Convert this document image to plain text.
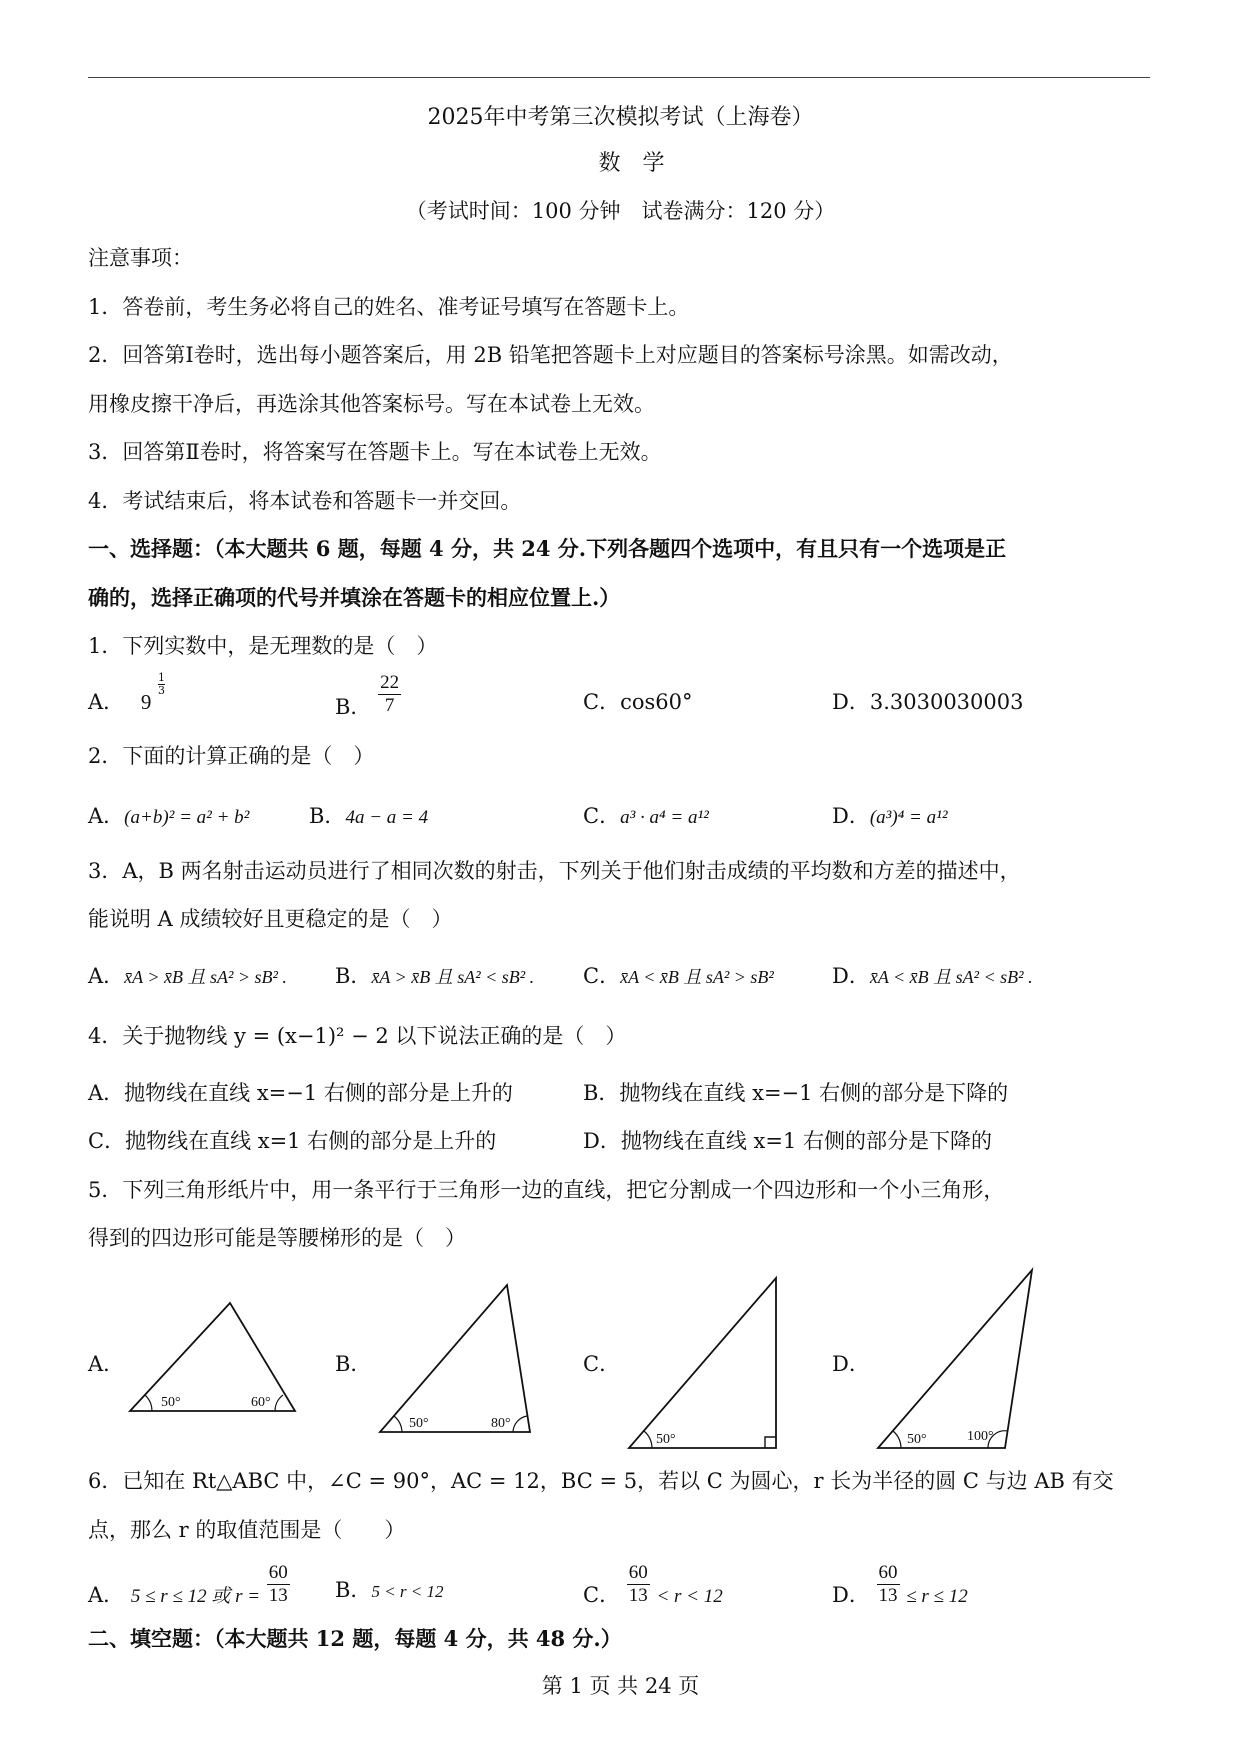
2025年中考第三次模拟考试（上海卷）
数学
（考试时间：100 分钟　试卷满分：120 分）
注意事项：
1．答卷前，考生务必将自己的姓名、准考证号填写在答题卡上。
2．回答第Ⅰ卷时，选出每小题答案后，用 2B 铅笔把答题卡上对应题目的答案标号涂黑。如需改动，
用橡皮擦干净后，再选涂其他答案标号。写在本试卷上无效。
3．回答第Ⅱ卷时，将答案写在答题卡上。写在本试卷上无效。
4．考试结束后，将本试卷和答题卡一并交回。
一、选择题：（本大题共 6 题，每题 4 分，共 24 分.下列各题四个选项中，有且只有一个选项是正
确的，选择正确项的代号并填涂在答题卡的相应位置上.）
1．下列实数中，是无理数的是（　）
A． 9
$\frac{1}{3}$
B． $\frac{22}{7}$	C．cos60°	D．3.3030030003
2．下面的计算正确的是（　）
A．(a+b)² = a² + b²	B．4a − a = 4	C．a³ · a⁴ = a¹²	D．(a³)⁴ = a¹²
3．A，B 两名射击运动员进行了相同次数的射击，下列关于他们射击成绩的平均数和方差的描述中，
能说明 A 成绩较好且更稳定的是（　）
A．x̄A > x̄B 且 sA² > sB² . B．x̄A > x̄B 且 sA² < sB² . C．x̄A < x̄B 且 sA² > sB²	D．x̄A < x̄B 且 sA² < sB² .
4．关于抛物线 y = (x−1)² − 2 以下说法正确的是（　）
A．抛物线在直线 x=−1 右侧的部分是上升的	B．抛物线在直线 x=−1 右侧的部分是下降的
C．抛物线在直线 x=1 右侧的部分是上升的	D．抛物线在直线 x=1 右侧的部分是下降的
5．下列三角形纸片中，用一条平行于三角形一边的直线，把它分割成一个四边形和一个小三角形，
得到的四边形可能是等腰梯形的是（　）
A．
50°	60°
B．
50°	80°
C．
50°
D．
50°	100°
6．已知在 Rt△ABC 中，∠C = 90°，AC = 12，BC = 5，若以 C 为圆心，r 长为半径的圆 C 与边 AB 有交
点，那么 r 的取值范围是（　　）
A． 5 ≤ r ≤ 12 或 $r = \frac{60}{13}$ B．5 < r < 12	C． $\frac{60}{13} < r < 12$	D． $\frac{60}{13} \le r \le 12$
二、填空题：（本大题共 12 题，每题 4 分，共 48 分.）
第 1 页 共 24 页
